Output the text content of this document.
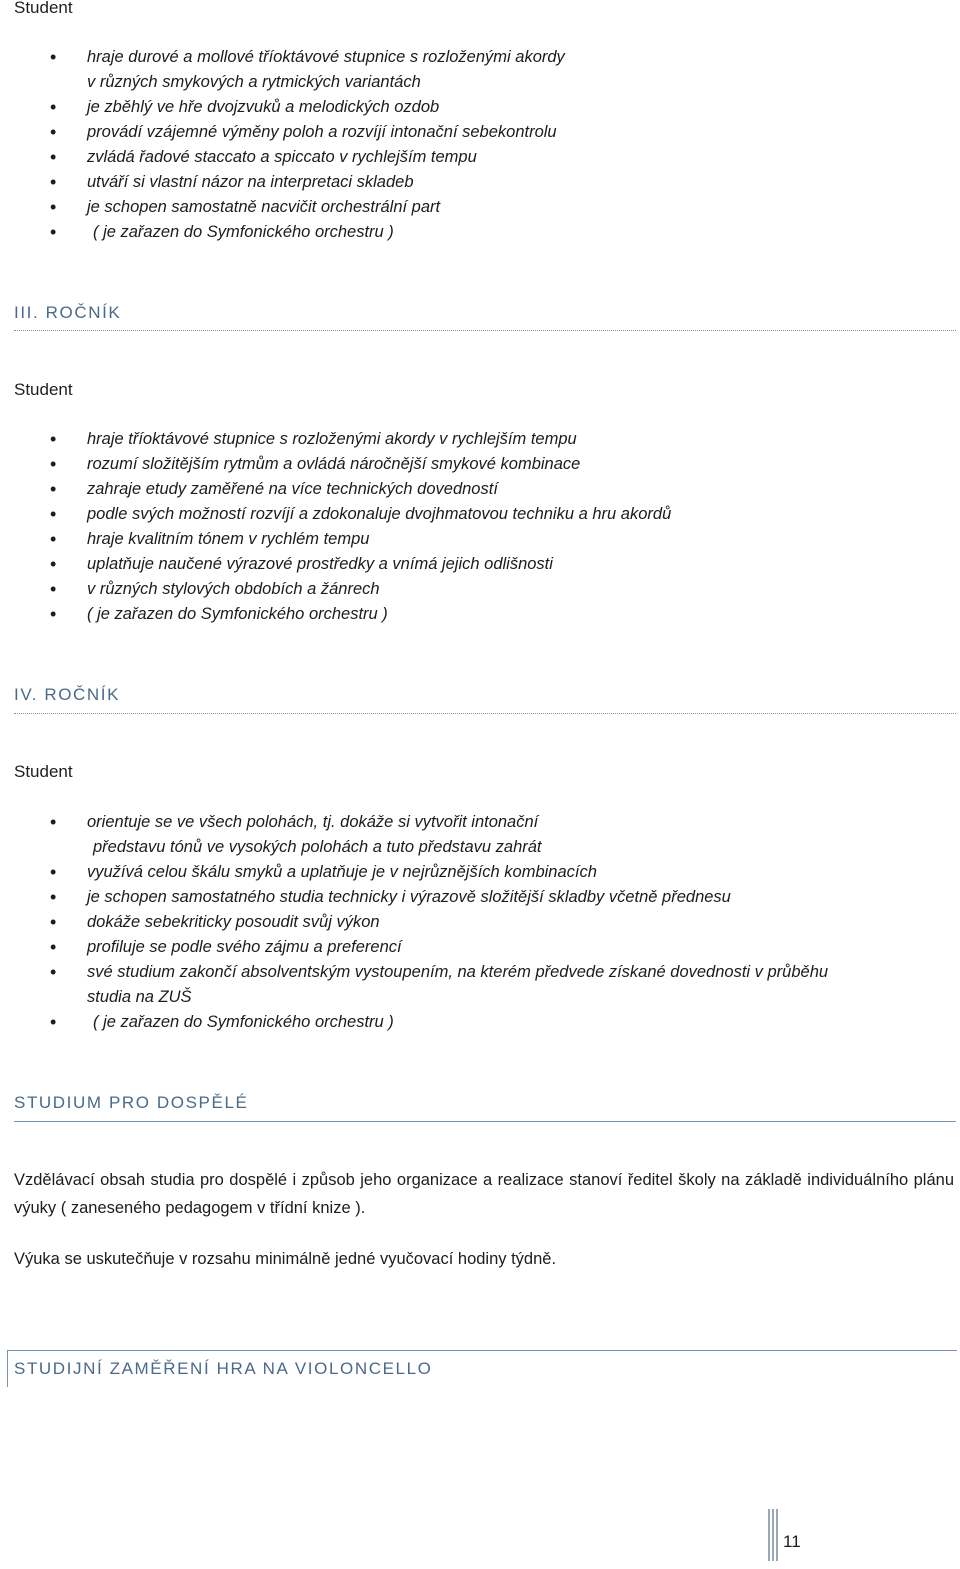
Student
• hraje durové a mollové tříoktávové stupnice s rozloženými akordy
v různých smykových a rytmických variantách
• je zběhlý ve hře dvojzvuků a melodických ozdob
• provádí vzájemné výměny poloh a rozvíjí intonační sebekontrolu
• zvládá řadové staccato a spiccato v rychlejším tempu
• utváří si vlastní názor na interpretaci skladeb
• je schopen samostatně nacvičit orchestrální part
• ( je zařazen do Symfonického orchestru )
III. ROČNÍK
Student
• hraje tříoktávové stupnice s rozloženými akordy v rychlejším tempu
• rozumí složitějším rytmům a ovládá náročnější smykové kombinace
• zahraje etudy zaměřené na více technických dovedností
• podle svých možností rozvíjí a zdokonaluje dvojhmatovou techniku a hru akordů
• hraje kvalitním tónem v rychlém tempu
• uplatňuje naučené výrazové prostředky a vnímá jejich odlišnosti
• v různých stylových obdobích a žánrech
• ( je zařazen do Symfonického orchestru )
IV. ROČNÍK
Student
• orientuje se ve všech polohách, tj. dokáže si vytvořit intonační
představu tónů ve vysokých polohách a tuto představu zahrát
• využívá celou škálu smyků a uplatňuje je v nejrůznějších kombinacích
• je schopen samostatného studia technicky i výrazově složitější skladby včetně přednesu
• dokáže sebekriticky posoudit svůj výkon
• profiluje se podle svého zájmu a preferencí
• své studium zakončí absolventským vystoupením, na kterém předvede získané dovednosti v průběhu
studia na ZUŠ
• ( je zařazen do Symfonického orchestru )
STUDIUM PRO DOSPĚLÉ
Vzdělávací obsah studia pro dospělé i způsob jeho organizace a realizace stanoví ředitel školy na základě individuálního plánu výuky ( zaneseného pedagogem v třídní knize ).
Výuka se uskutečňuje v rozsahu minimálně jedné vyučovací hodiny týdně.
STUDIJNÍ ZAMĚŘENÍ HRA NA VIOLONCELLO
11
